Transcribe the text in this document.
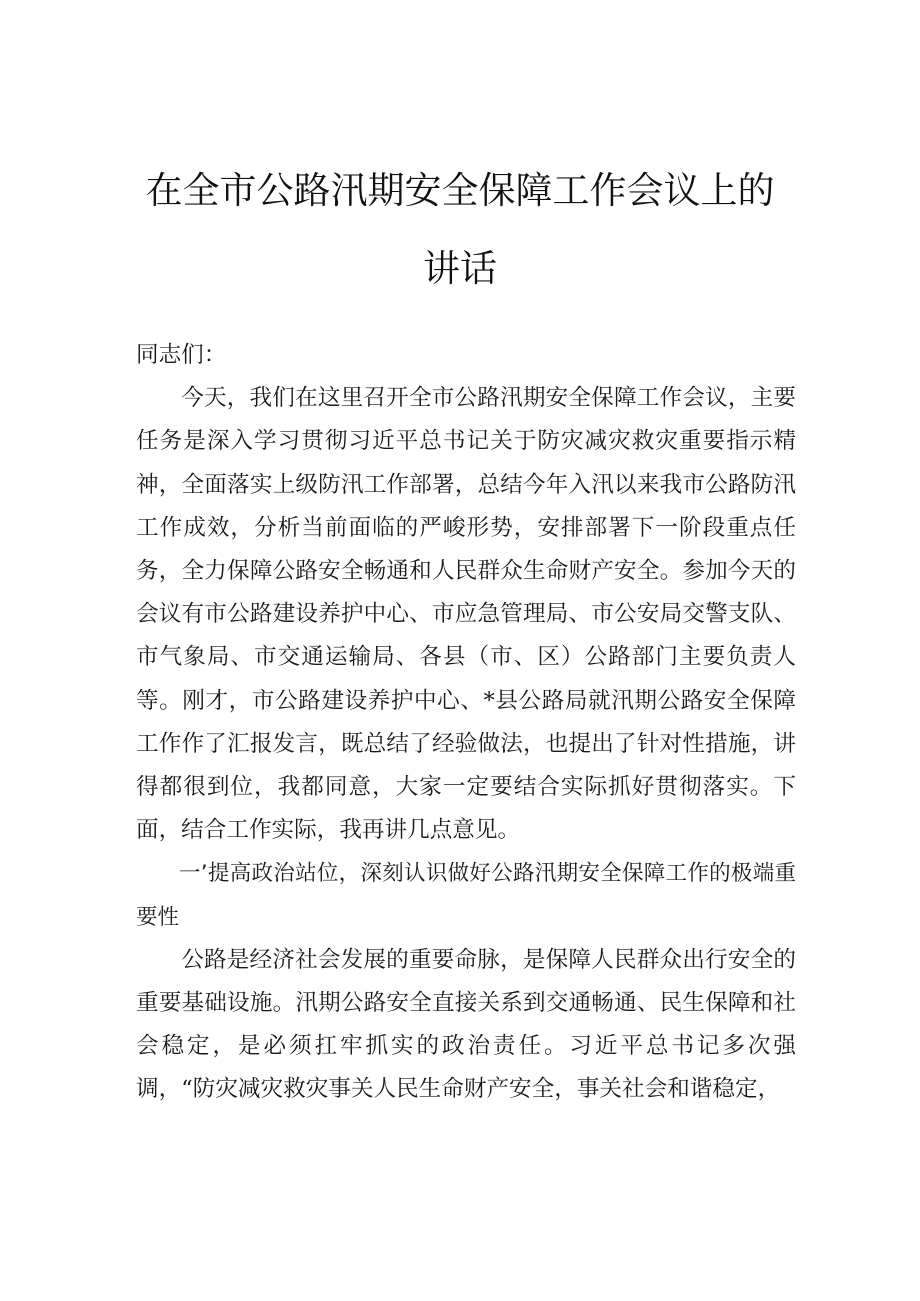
在全市公路汛期安全保障工作会议上的讲话

同志们：

今天，我们在这里召开全市公路汛期安全保障工作会议，主要任务是深入学习贯彻习近平总书记关于防灾减灾救灾重要指示精神，全面落实上级防汛工作部署，总结今年入汛以来我市公路防汛工作成效，分析当前面临的严峻形势，安排部署下一阶段重点任务，全力保障公路安全畅通和人民群众生命财产安全。参加今天的会议有市公路建设养护中心、市应急管理局、市公安局交警支队、市气象局、市交通运输局、各县（市、区）公路部门主要负责人等。刚才，市公路建设养护中心、*县公路局就汛期公路安全保障工作作了汇报发言，既总结了经验做法，也提出了针对性措施，讲得都很到位，我都同意，大家一定要结合实际抓好贯彻落实。下面，结合工作实际，我再讲几点意见。

一’提高政治站位，深刻认识做好公路汛期安全保障工作的极端重要性

公路是经济社会发展的重要命脉，是保障人民群众出行安全的重要基础设施。汛期公路安全直接关系到交通畅通、民生保障和社会稳定，是必须扛牢抓实的政治责任。习近平总书记多次强调，“防灾减灾救灾事关人民生命财产安全，事关社会和谐稳定，
